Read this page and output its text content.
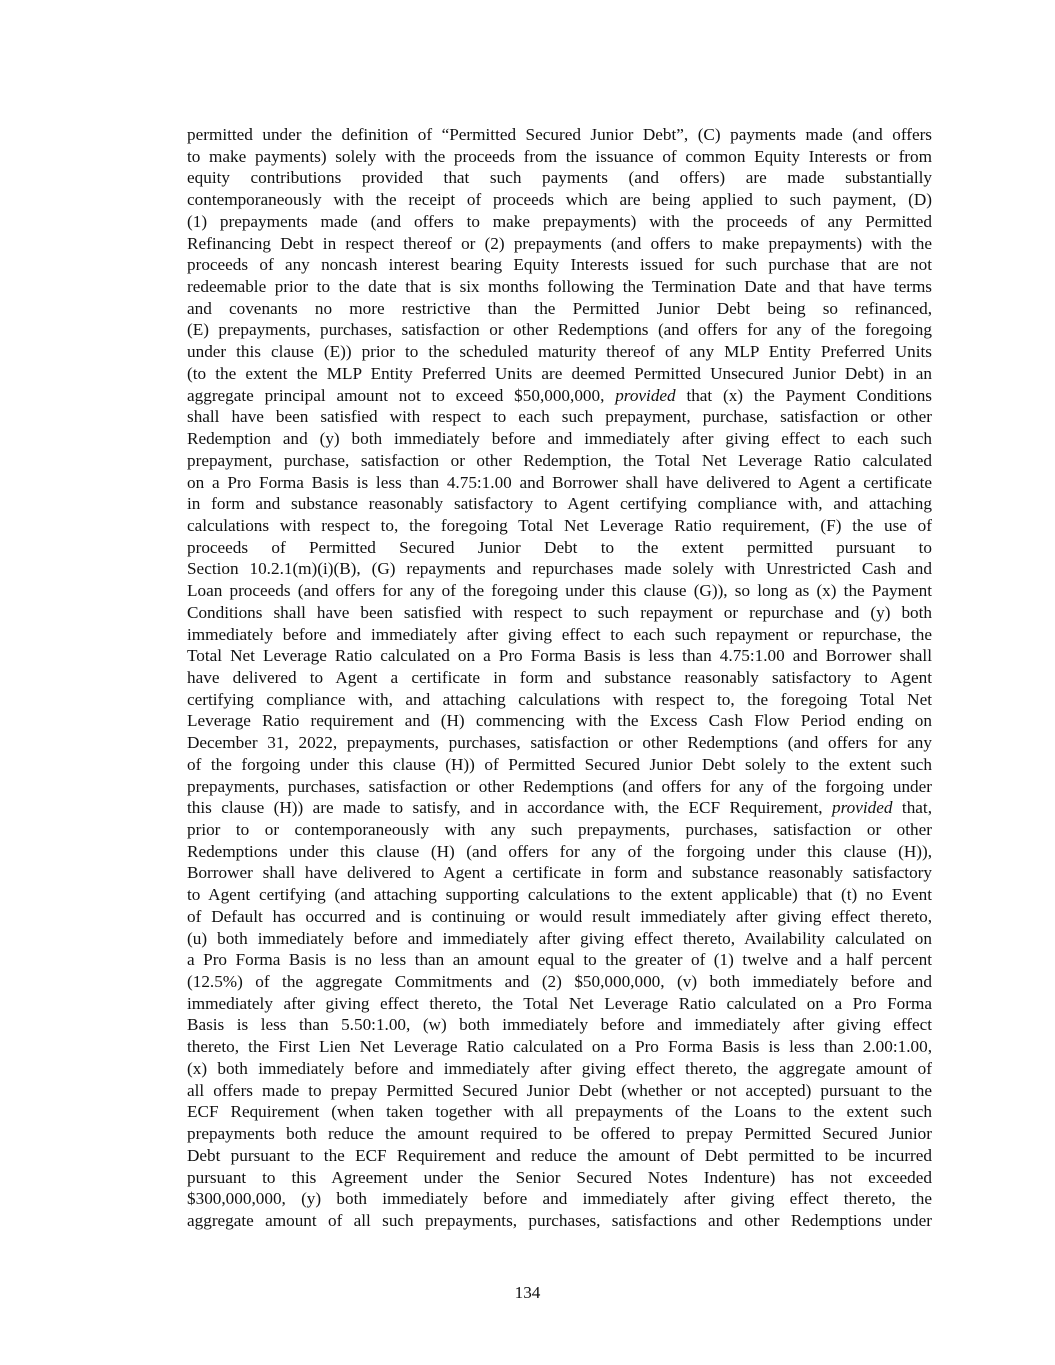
permitted under the definition of “Permitted Secured Junior Debt”, (C) payments made (and offers
to make payments) solely with the proceeds from the issuance of common Equity Interests or from
equity contributions provided that such payments (and offers) are made substantially
contemporaneously with the receipt of proceeds which are being applied to such payment, (D)
(1) prepayments made (and offers to make prepayments) with the proceeds of any Permitted
Refinancing Debt in respect thereof or (2) prepayments (and offers to make prepayments) with the
proceeds of any noncash interest bearing Equity Interests issued for such purchase that are not
redeemable prior to the date that is six months following the Termination Date and that have terms
and covenants no more restrictive than the Permitted Junior Debt being so refinanced,
(E) prepayments, purchases, satisfaction or other Redemptions (and offers for any of the foregoing
under this clause (E)) prior to the scheduled maturity thereof of any MLP Entity Preferred Units
(to the extent the MLP Entity Preferred Units are deemed Permitted Unsecured Junior Debt) in an
aggregate principal amount not to exceed $50,000,000, provided that (x) the Payment Conditions
shall have been satisfied with respect to each such prepayment, purchase, satisfaction or other
Redemption and (y) both immediately before and immediately after giving effect to each such
prepayment, purchase, satisfaction or other Redemption, the Total Net Leverage Ratio calculated
on a Pro Forma Basis is less than 4.75:1.00 and Borrower shall have delivered to Agent a certificate
in form and substance reasonably satisfactory to Agent certifying compliance with, and attaching
calculations with respect to, the foregoing Total Net Leverage Ratio requirement, (F) the use of
proceeds of Permitted Secured Junior Debt to the extent permitted pursuant to
Section 10.2.1(m)(i)(B), (G) repayments and repurchases made solely with Unrestricted Cash and
Loan proceeds (and offers for any of the foregoing under this clause (G)), so long as (x) the Payment
Conditions shall have been satisfied with respect to such repayment or repurchase and (y) both
immediately before and immediately after giving effect to each such repayment or repurchase, the
Total Net Leverage Ratio calculated on a Pro Forma Basis is less than 4.75:1.00 and Borrower shall
have delivered to Agent a certificate in form and substance reasonably satisfactory to Agent
certifying compliance with, and attaching calculations with respect to, the foregoing Total Net
Leverage Ratio requirement and (H) commencing with the Excess Cash Flow Period ending on
December 31, 2022, prepayments, purchases, satisfaction or other Redemptions (and offers for any
of the forgoing under this clause (H)) of Permitted Secured Junior Debt solely to the extent such
prepayments, purchases, satisfaction or other Redemptions (and offers for any of the forgoing under
this clause (H)) are made to satisfy, and in accordance with, the ECF Requirement, provided that,
prior to or contemporaneously with any such prepayments, purchases, satisfaction or other
Redemptions under this clause (H) (and offers for any of the forgoing under this clause (H)),
Borrower shall have delivered to Agent a certificate in form and substance reasonably satisfactory
to Agent certifying (and attaching supporting calculations to the extent applicable) that (t) no Event
of Default has occurred and is continuing or would result immediately after giving effect thereto,
(u) both immediately before and immediately after giving effect thereto, Availability calculated on
a Pro Forma Basis is no less than an amount equal to the greater of (1) twelve and a half percent
(12.5%) of the aggregate Commitments and (2) $50,000,000, (v) both immediately before and
immediately after giving effect thereto, the Total Net Leverage Ratio calculated on a Pro Forma
Basis is less than 5.50:1.00, (w) both immediately before and immediately after giving effect
thereto, the First Lien Net Leverage Ratio calculated on a Pro Forma Basis is less than 2.00:1.00,
(x) both immediately before and immediately after giving effect thereto, the aggregate amount of
all offers made to prepay Permitted Secured Junior Debt (whether or not accepted) pursuant to the
ECF Requirement (when taken together with all prepayments of the Loans to the extent such
prepayments both reduce the amount required to be offered to prepay Permitted Secured Junior
Debt pursuant to the ECF Requirement and reduce the amount of Debt permitted to be incurred
pursuant to this Agreement under the Senior Secured Notes Indenture) has not exceeded
$300,000,000, (y) both immediately before and immediately after giving effect thereto, the
aggregate amount of all such prepayments, purchases, satisfactions and other Redemptions under
134
